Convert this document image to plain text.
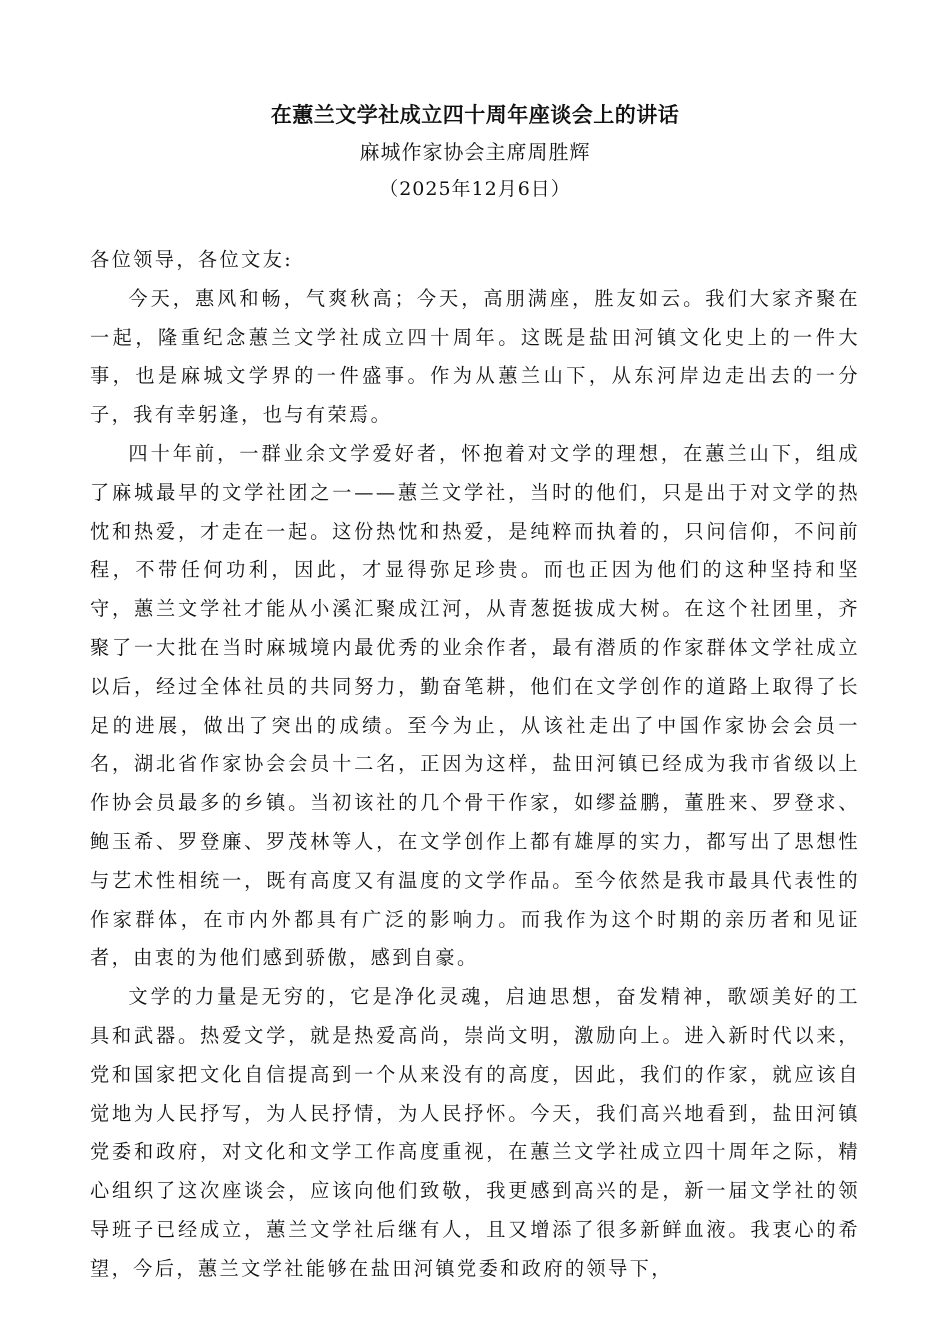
在蕙兰文学社成立四十周年座谈会上的讲话
麻城作家协会主席周胜辉
（2025年12月6日）

各位领导，各位文友:

今天，惠风和畅，气爽秋高；今天，高朋满座，胜友如云。我们大家齐聚在一起，隆重纪念蕙兰文学社成立四十周年。这既是盐田河镇文化史上的一件大事，也是麻城文学界的一件盛事。作为从蕙兰山下，从东河岸边走出去的一分子，我有幸躬逢，也与有荣焉。

四十年前，一群业余文学爱好者，怀抱着对文学的理想，在蕙兰山下，组成了麻城最早的文学社团之一——蕙兰文学社，当时的他们，只是出于对文学的热忱和热爱，才走在一起。这份热忱和热爱，是纯粹而执着的，只问信仰，不问前程，不带任何功利，因此，才显得弥足珍贵。而也正因为他们的这种坚持和坚守，蕙兰文学社才能从小溪汇聚成江河，从青葱挺拔成大树。在这个社团里，齐聚了一大批在当时麻城境内最优秀的业余作者，最有潜质的作家群体文学社成立以后，经过全体社员的共同努力，勤奋笔耕，他们在文学创作的道路上取得了长足的进展，做出了突出的成绩。至今为止，从该社走出了中国作家协会会员一名，湖北省作家协会会员十二名，正因为这样，盐田河镇已经成为我市省级以上作协会员最多的乡镇。当初该社的几个骨干作家，如缪益鹏，董胜来、罗登求、鲍玉希、罗登廉、罗茂林等人，在文学创作上都有雄厚的实力，都写出了思想性与艺术性相统一，既有高度又有温度的文学作品。至今依然是我市最具代表性的作家群体，在市内外都具有广泛的影响力。而我作为这个时期的亲历者和见证者，由衷的为他们感到骄傲，感到自豪。

文学的力量是无穷的，它是净化灵魂，启迪思想，奋发精神，歌颂美好的工具和武器。热爱文学，就是热爱高尚，崇尚文明，激励向上。进入新时代以来，党和国家把文化自信提高到一个从来没有的高度，因此，我们的作家，就应该自觉地为人民抒写，为人民抒情，为人民抒怀。今天，我们高兴地看到，盐田河镇党委和政府，对文化和文学工作高度重视，在蕙兰文学社成立四十周年之际，精心组织了这次座谈会，应该向他们致敬，我更感到高兴的是，新一届文学社的领导班子已经成立，蕙兰文学社后继有人，且又增添了很多新鲜血液。我衷心的希望，今后，蕙兰文学社能够在盐田河镇党委和政府的领导下，
